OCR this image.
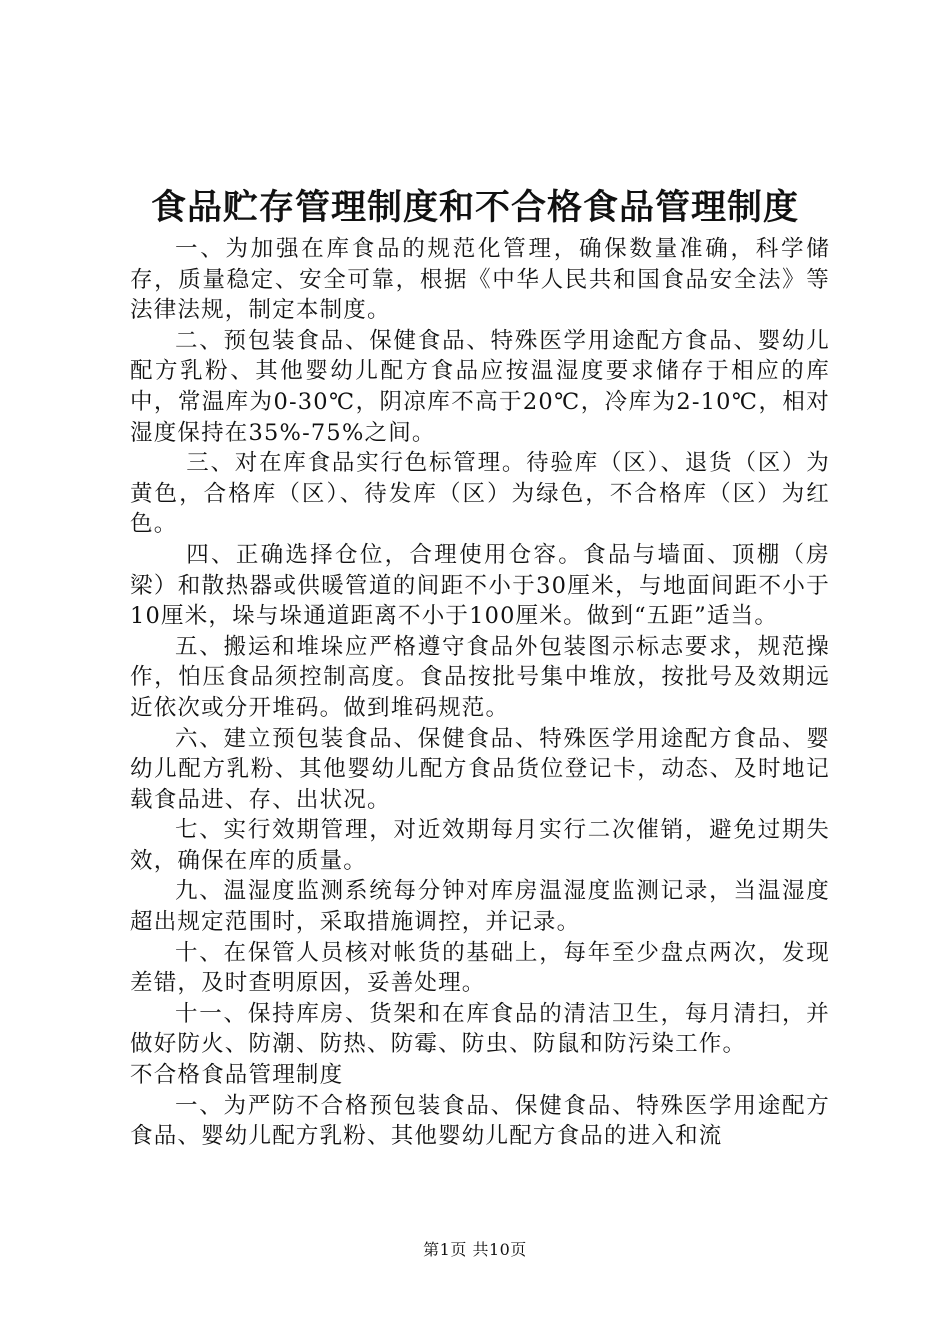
食品贮存管理制度和不合格食品管理制度

一、为加强在库食品的规范化管理，确保数量准确，科学储存，质量稳定、安全可靠，根据《中华人民共和国食品安全法》等法律法规，制定本制度。

二、预包装食品、保健食品、特殊医学用途配方食品、婴幼儿配方乳粉、其他婴幼儿配方食品应按温湿度要求储存于相应的库中，常温库为0-30℃，阴凉库不高于20℃，冷库为2-10℃，相对湿度保持在35%-75%之间。

三、对在库食品实行色标管理。待验库（区）、退货（区）为黄色，合格库（区）、待发库（区）为绿色，不合格库（区）为红色。

四、正确选择仓位，合理使用仓容。食品与墙面、顶棚（房梁）和散热器或供暖管道的间距不小于30厘米，与地面间距不小于10厘米，垛与垛通道距离不小于100厘米。做到“五距”适当。

五、搬运和堆垛应严格遵守食品外包装图示标志要求，规范操作，怕压食品须控制高度。食品按批号集中堆放，按批号及效期远近依次或分开堆码。做到堆码规范。

六、建立预包装食品、保健食品、特殊医学用途配方食品、婴幼儿配方乳粉、其他婴幼儿配方食品货位登记卡，动态、及时地记载食品进、存、出状况。

七、实行效期管理，对近效期每月实行二次催销，避免过期失效，确保在库的质量。

九、温湿度监测系统每分钟对库房温湿度监测记录，当温湿度超出规定范围时，采取措施调控，并记录。

十、在保管人员核对帐货的基础上，每年至少盘点两次，发现差错，及时查明原因，妥善处理。

十一、保持库房、货架和在库食品的清洁卫生，每月清扫，并做好防火、防潮、防热、防霉、防虫、防鼠和防污染工作。

不合格食品管理制度

一、为严防不合格预包装食品、保健食品、特殊医学用途配方食品、婴幼儿配方乳粉、其他婴幼儿配方食品的进入和流

第1页 共10页
